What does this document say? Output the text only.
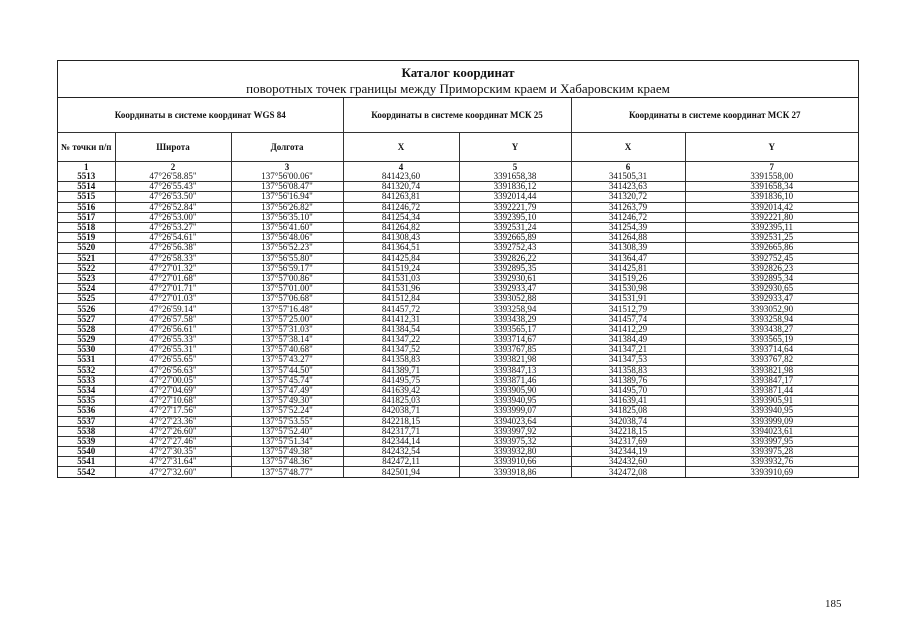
Каталог координат
поворотных точек границы между Приморским краем и Хабаровским краем
Координаты в системе координат WGS 84			Координаты в системе координат МСК 25		Координаты в системе координат МСК 27	
№ точки п/п	Широта	Долгота	X	Y	X	Y
1	2	3	4	5	6	7
5513	47°26'58.85"	137°56'00.06"	841423,60	3391658,38	341505,31	3391558,00
5514	47°26'55.43"	137°56'08.47"	841320,74	3391836,12	341423,63	3391658,34
5515	47°26'53.50"	137°56'16.94"	841263,81	3392014,44	341320,72	3391836,10
5516	47°26'52.84"	137°56'26.82"	841246,72	3392221,79	341263,79	3392014,42
5517	47°26'53.00"	137°56'35.10"	841254,34	3392395,10	341246,72	3392221,80
5518	47°26'53.27"	137°56'41.60"	841264,82	3392531,24	341254,39	3392395,11
5519	47°26'54.61"	137°56'48.06"	841308,43	3392665,89	341264,88	3392531,25
5520	47°26'56.38"	137°56'52.23"	841364,51	3392752,43	341308,39	3392665,86
5521	47°26'58.33"	137°56'55.80"	841425,84	3392826,22	341364,47	3392752,45
5522	47°27'01.32"	137°56'59.17"	841519,24	3392895,35	341425,81	3392826,23
5523	47°27'01.68"	137°57'00.86"	841531,03	3392930,61	341519,26	3392895,34
5524	47°27'01.71"	137°57'01.00"	841531,96	3392933,47	341530,98	3392930,65
5525	47°27'01.03"	137°57'06.68"	841512,84	3393052,88	341531,91	3392933,47
5526	47°26'59.14"	137°57'16.48"	841457,72	3393258,94	341512,79	3393052,90
5527	47°26'57.58"	137°57'25.00"	841412,31	3393438,29	341457,74	3393258,94
5528	47°26'56.61"	137°57'31.03"	841384,54	3393565,17	341412,29	3393438,27
5529	47°26'55.33"	137°57'38.14"	841347,22	3393714,67	341384,49	3393565,19
5530	47°26'55.31"	137°57'40.68"	841347,52	3393767,85	341347,21	3393714,64
5531	47°26'55.65"	137°57'43.27"	841358,83	3393821,98	341347,53	3393767,82
5532	47°26'56.63"	137°57'44.50"	841389,71	3393847,13	341358,83	3393821,98
5533	47°27'00.05"	137°57'45.74"	841495,75	3393871,46	341389,76	3393847,17
5534	47°27'04.69"	137°57'47.49"	841639,42	3393905,90	341495,70	3393871,44
5535	47°27'10.68"	137°57'49.30"	841825,03	3393940,95	341639,41	3393905,91
5536	47°27'17.56"	137°57'52.24"	842038,71	3393999,07	341825,08	3393940,95
5537	47°27'23.36"	137°57'53.55"	842218,15	3394023,64	342038,74	3393999,09
5538	47°27'26.60"	137°57'52.40"	842317,71	3393997,92	342218,15	3394023,61
5539	47°27'27.46"	137°57'51.34"	842344,14	3393975,32	342317,69	3393997,95
5540	47°27'30.35"	137°57'49.38"	842432,54	3393932,80	342344,19	3393975,28
5541	47°27'31.64"	137°57'48.36"	842472,11	3393910,66	342432,60	3393932,76
5542	47°27'32.60"	137°57'48.77"	842501,94	3393918,86	342472,08	3393910,69
185
